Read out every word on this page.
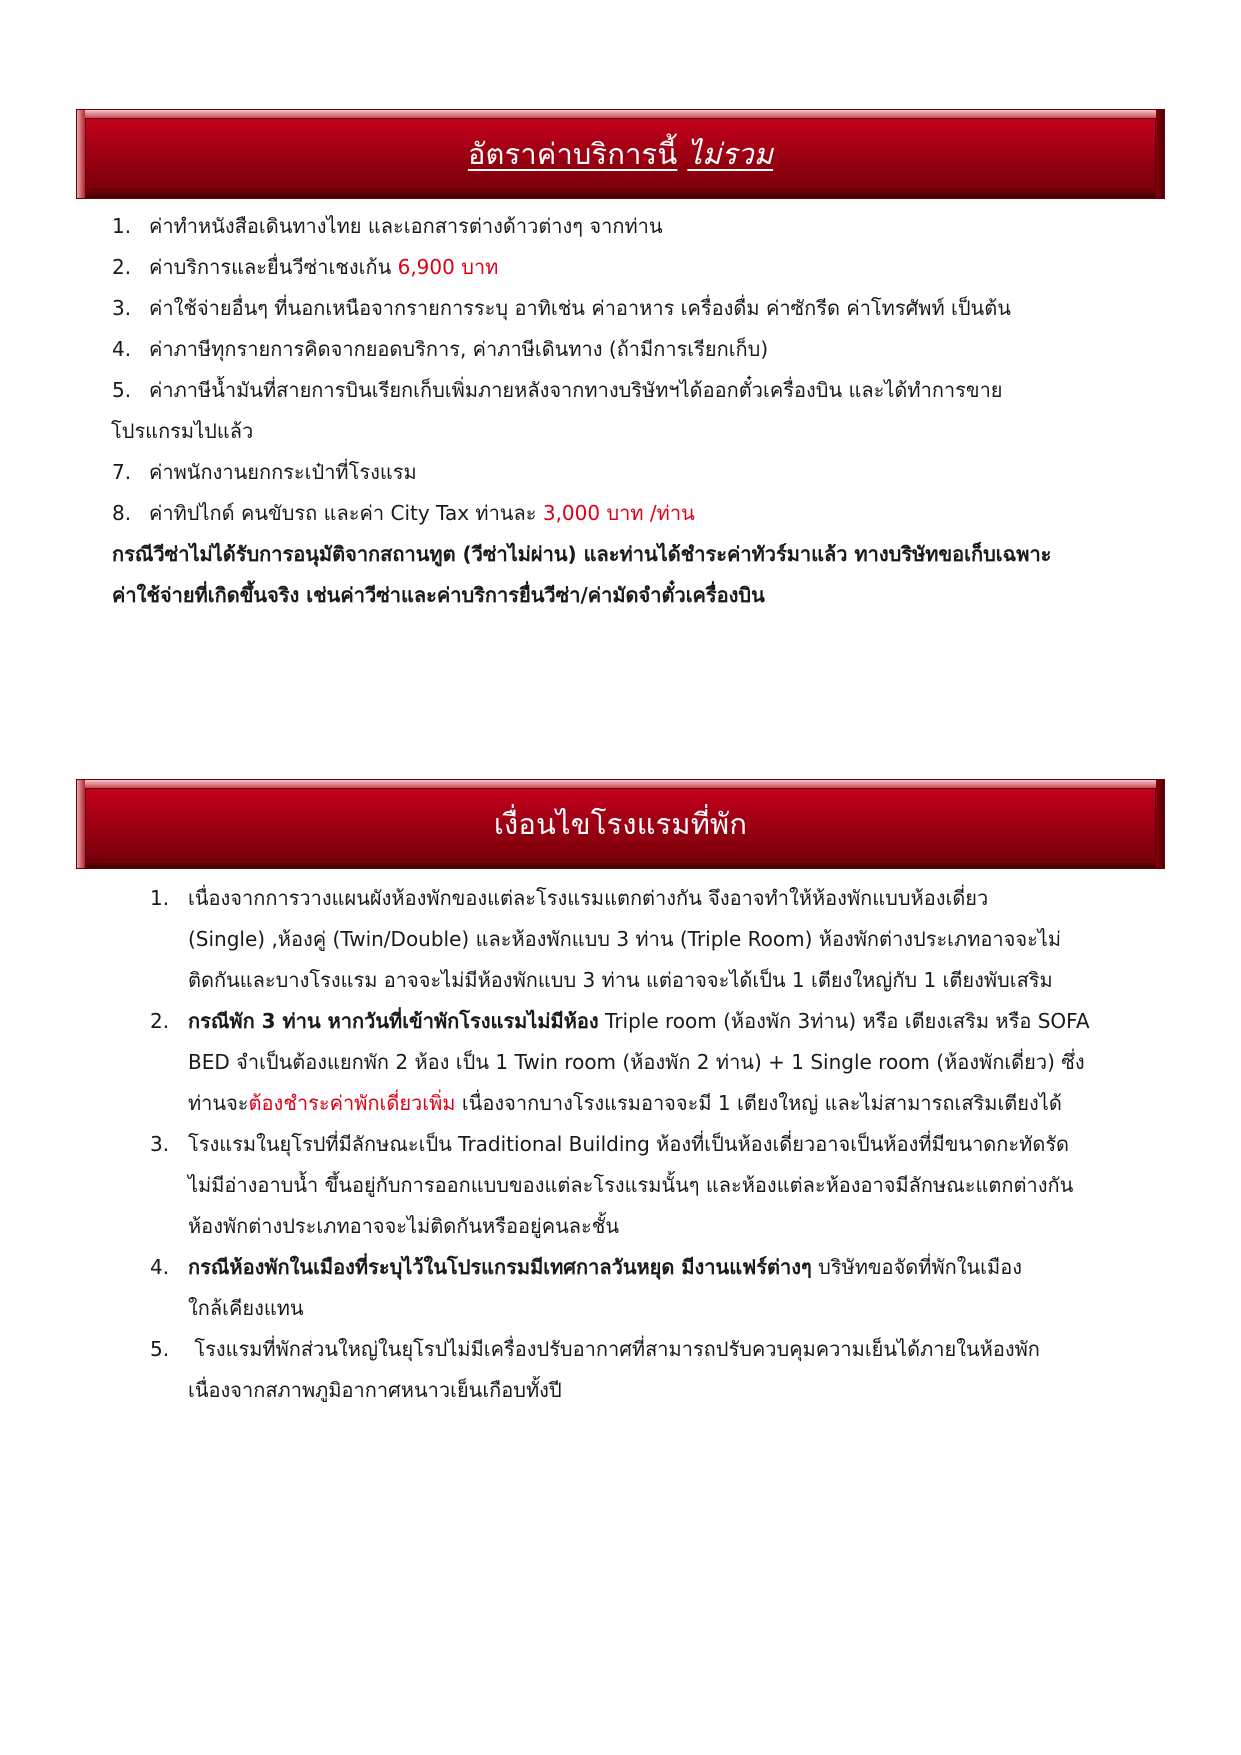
อัตราค่าบริการนี้ ไม่รวม
1. ค่าทำหนังสือเดินทางไทย และเอกสารต่างด้าวต่างๆ จากท่าน
2. ค่าบริการและยื่นวีซ่าเชงเก้น 6,900 บาท
3. ค่าใช้จ่ายอื่นๆ ที่นอกเหนือจากรายการระบุ อาทิเช่น ค่าอาหาร เครื่องดื่ม ค่าซักรีด ค่าโทรศัพท์ เป็นต้น
4. ค่าภาษีทุกรายการคิดจากยอดบริการ, ค่าภาษีเดินทาง (ถ้ามีการเรียกเก็บ)
5. ค่าภาษีน้ำมันที่สายการบินเรียกเก็บเพิ่มภายหลังจากทางบริษัทฯได้ออกตั๋วเครื่องบิน และได้ทำการขาย
โปรแกรมไปแล้ว
7. ค่าพนักงานยกกระเป๋าที่โรงแรม
8. ค่าทิปไกด์ คนขับรถ และค่า City Tax ท่านละ 3,000 บาท /ท่าน
กรณีวีซ่าไม่ได้รับการอนุมัติจากสถานทูต (วีซ่าไม่ผ่าน) และท่านได้ชำระค่าทัวร์มาแล้ว ทางบริษัทขอเก็บเฉพาะ
ค่าใช้จ่ายที่เกิดขึ้นจริง เช่นค่าวีซ่าและค่าบริการยื่นวีซ่า/ค่ามัดจำตั๋วเครื่องบิน
เงื่อนไขโรงแรมที่พัก
1. เนื่องจากการวางแผนผังห้องพักของแต่ละโรงแรมแตกต่างกัน จึงอาจทำให้ห้องพักแบบห้องเดี่ยว
(Single) ,ห้องคู่ (Twin/Double) และห้องพักแบบ 3 ท่าน (Triple Room) ห้องพักต่างประเภทอาจจะไม่
ติดกันและบางโรงแรม อาจจะไม่มีห้องพักแบบ 3 ท่าน แต่อาจจะได้เป็น 1 เตียงใหญ่กับ 1 เตียงพับเสริม
2. กรณีพัก 3 ท่าน หากวันที่เข้าพักโรงแรมไม่มีห้อง Triple room (ห้องพัก 3ท่าน) หรือ เตียงเสริม หรือ SOFA
BED จำเป็นต้องแยกพัก 2 ห้อง เป็น 1 Twin room (ห้องพัก 2 ท่าน) + 1 Single room (ห้องพักเดี่ยว) ซึ่ง
ท่านจะต้องชำระค่าพักเดี่ยวเพิ่ม เนื่องจากบางโรงแรมอาจจะมี 1 เตียงใหญ่ และไม่สามารถเสริมเตียงได้
3. โรงแรมในยุโรปที่มีลักษณะเป็น Traditional Building ห้องที่เป็นห้องเดี่ยวอาจเป็นห้องที่มีขนาดกะทัดรัด
ไม่มีอ่างอาบน้ำ ขึ้นอยู่กับการออกแบบของแต่ละโรงแรมนั้นๆ และห้องแต่ละห้องอาจมีลักษณะแตกต่างกัน
ห้องพักต่างประเภทอาจจะไม่ติดกันหรืออยู่คนละชั้น
4. กรณีห้องพักในเมืองที่ระบุไว้ในโปรแกรมมีเทศกาลวันหยุด มีงานแฟร์ต่างๆ บริษัทขอจัดที่พักในเมือง
ใกล้เคียงแทน
5. โรงแรมที่พักส่วนใหญ่ในยุโรปไม่มีเครื่องปรับอากาศที่สามารถปรับควบคุมความเย็นได้ภายในห้องพัก
เนื่องจากสภาพภูมิอากาศหนาวเย็นเกือบทั้งปี
